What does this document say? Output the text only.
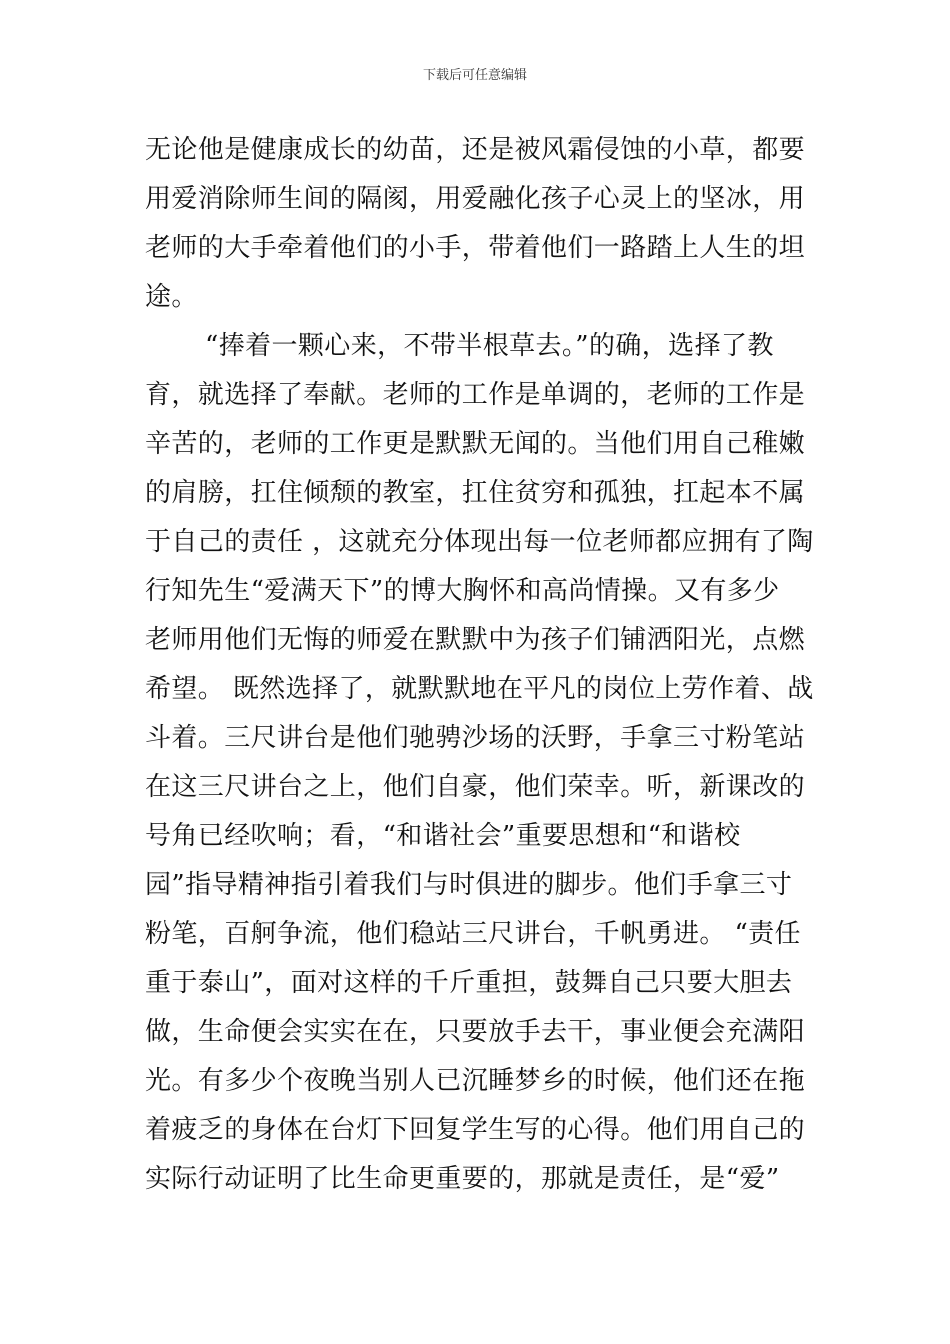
下载后可任意编辑
无论他是健康成长的幼苗，还是被风霜侵蚀的小草，都要
用爱消除师生间的隔阂，用爱融化孩子心灵上的坚冰，用
老师的大手牵着他们的小手，带着他们一路踏上人生的坦
途。
“捧着一颗心来，不带半根草去。”的确，选择了教
育，就选择了奉献。老师的工作是单调的，老师的工作是
辛苦的，老师的工作更是默默无闻的。当他们用自己稚嫩
的肩膀，扛住倾颓的教室，扛住贫穷和孤独，扛起本不属
于自己的责任 ，这就充分体现出每一位老师都应拥有了陶
行知先生“爱满天下”的博大胸怀和高尚情操。又有多少
老师用他们无悔的师爱在默默中为孩子们铺洒阳光，点燃
希望。 既然选择了，就默默地在平凡的岗位上劳作着、战
斗着。三尺讲台是他们驰骋沙场的沃野，手拿三寸粉笔站
在这三尺讲台之上，他们自豪，他们荣幸。听，新课改的
号角已经吹响；看，“和谐社会”重要思想和“和谐校
园”指导精神指引着我们与时俱进的脚步。他们手拿三寸
粉笔，百舸争流，他们稳站三尺讲台，千帆勇进。 “责任
重于泰山”，面对这样的千斤重担，鼓舞自己只要大胆去
做，生命便会实实在在，只要放手去干，事业便会充满阳
光。有多少个夜晚当别人已沉睡梦乡的时候，他们还在拖
着疲乏的身体在台灯下回复学生写的心得。他们用自己的
实际行动证明了比生命更重要的，那就是责任，是“爱”
